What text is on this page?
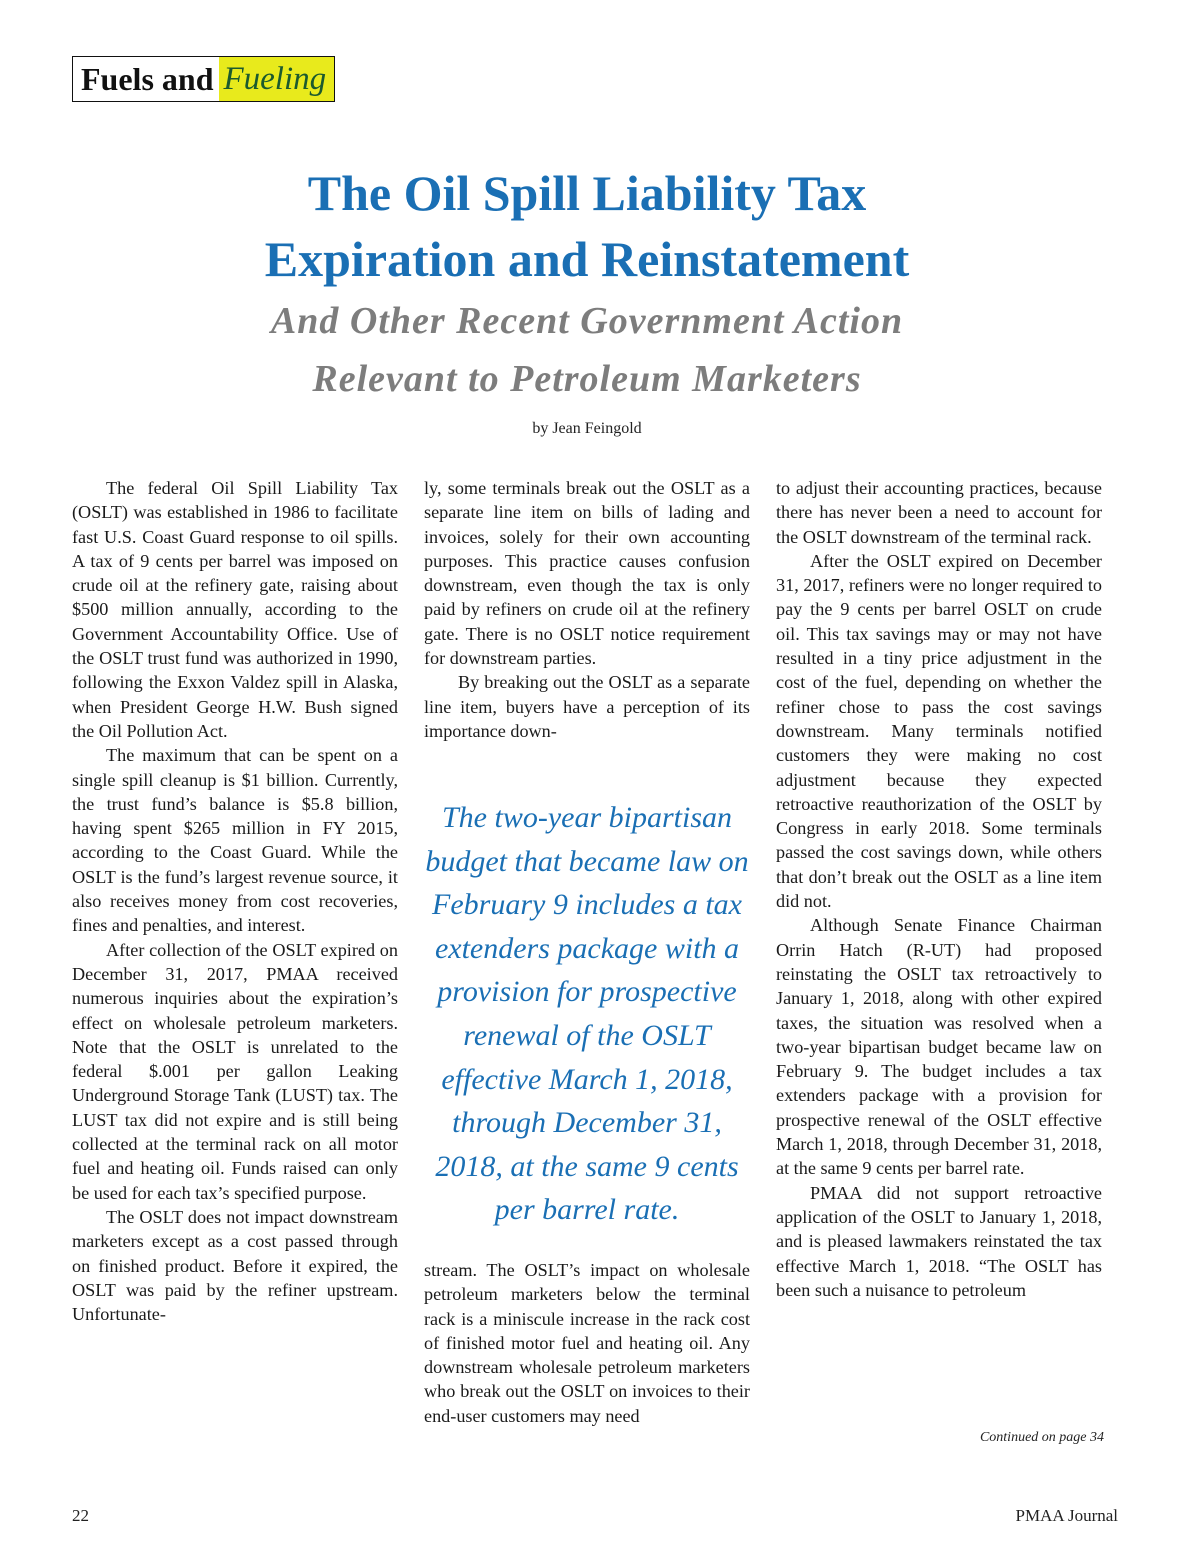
Fuels and Fueling
The Oil Spill Liability Tax
Expiration and Reinstatement
And Other Recent Government Action
Relevant to Petroleum Marketers
by Jean Feingold

The federal Oil Spill Liability Tax (OSLT) was established in 1986 to facilitate fast U.S. Coast Guard response to oil spills. A tax of 9 cents per barrel was imposed on crude oil at the refinery gate, raising about $500 million annually, according to the Government Accountability Office. Use of the OSLT trust fund was authorized in 1990, following the Exxon Valdez spill in Alaska, when President George H.W. Bush signed the Oil Pollution Act.

The maximum that can be spent on a single spill cleanup is $1 billion. Currently, the trust fund’s balance is $5.8 billion, having spent $265 million in FY 2015, according to the Coast Guard. While the OSLT is the fund’s largest revenue source, it also receives money from cost recoveries, fines and penalties, and interest.

After collection of the OSLT expired on December 31, 2017, PMAA received numerous inquiries about the expiration’s effect on wholesale petroleum marketers. Note that the OSLT is unrelated to the federal $.001 per gallon Leaking Underground Storage Tank (LUST) tax. The LUST tax did not expire and is still being collected at the terminal rack on all motor fuel and heating oil. Funds raised can only be used for each tax’s specified purpose.

The OSLT does not impact downstream marketers except as a cost passed through on finished product. Before it expired, the OSLT was paid by the refiner upstream. Unfortunate-

ly, some terminals break out the OSLT as a separate line item on bills of lading and invoices, solely for their own accounting purposes. This practice causes confusion downstream, even though the tax is only paid by refiners on crude oil at the refinery gate. There is no OSLT notice requirement for downstream parties.

By breaking out the OSLT as a separate line item, buyers have a perception of its importance down-

The two-year bipartisan budget that became law on February 9 includes a tax extenders package with a provision for prospective renewal of the OSLT effective March 1, 2018, through December 31, 2018, at the same 9 cents per barrel rate.

stream. The OSLT’s impact on wholesale petroleum marketers below the terminal rack is a miniscule increase in the rack cost of finished motor fuel and heating oil. Any downstream wholesale petroleum marketers who break out the OSLT on invoices to their end-user customers may need

to adjust their accounting practices, because there has never been a need to account for the OSLT downstream of the terminal rack.

After the OSLT expired on December 31, 2017, refiners were no longer required to pay the 9 cents per barrel OSLT on crude oil. This tax savings may or may not have resulted in a tiny price adjustment in the cost of the fuel, depending on whether the refiner chose to pass the cost savings downstream. Many terminals notified customers they were making no cost adjustment because they expected retroactive reauthorization of the OSLT by Congress in early 2018. Some terminals passed the cost savings down, while others that don’t break out the OSLT as a line item did not.

Although Senate Finance Chairman Orrin Hatch (R-UT) had proposed reinstating the OSLT tax retroactively to January 1, 2018, along with other expired taxes, the situation was resolved when a two-year bipartisan budget became law on February 9. The budget includes a tax extenders package with a provision for prospective renewal of the OSLT effective March 1, 2018, through December 31, 2018, at the same 9 cents per barrel rate.

PMAA did not support retroactive application of the OSLT to January 1, 2018, and is pleased lawmakers reinstated the tax effective March 1, 2018. “The OSLT has been such a nuisance to petroleum

Continued on page 34
22	PMAA Journal
